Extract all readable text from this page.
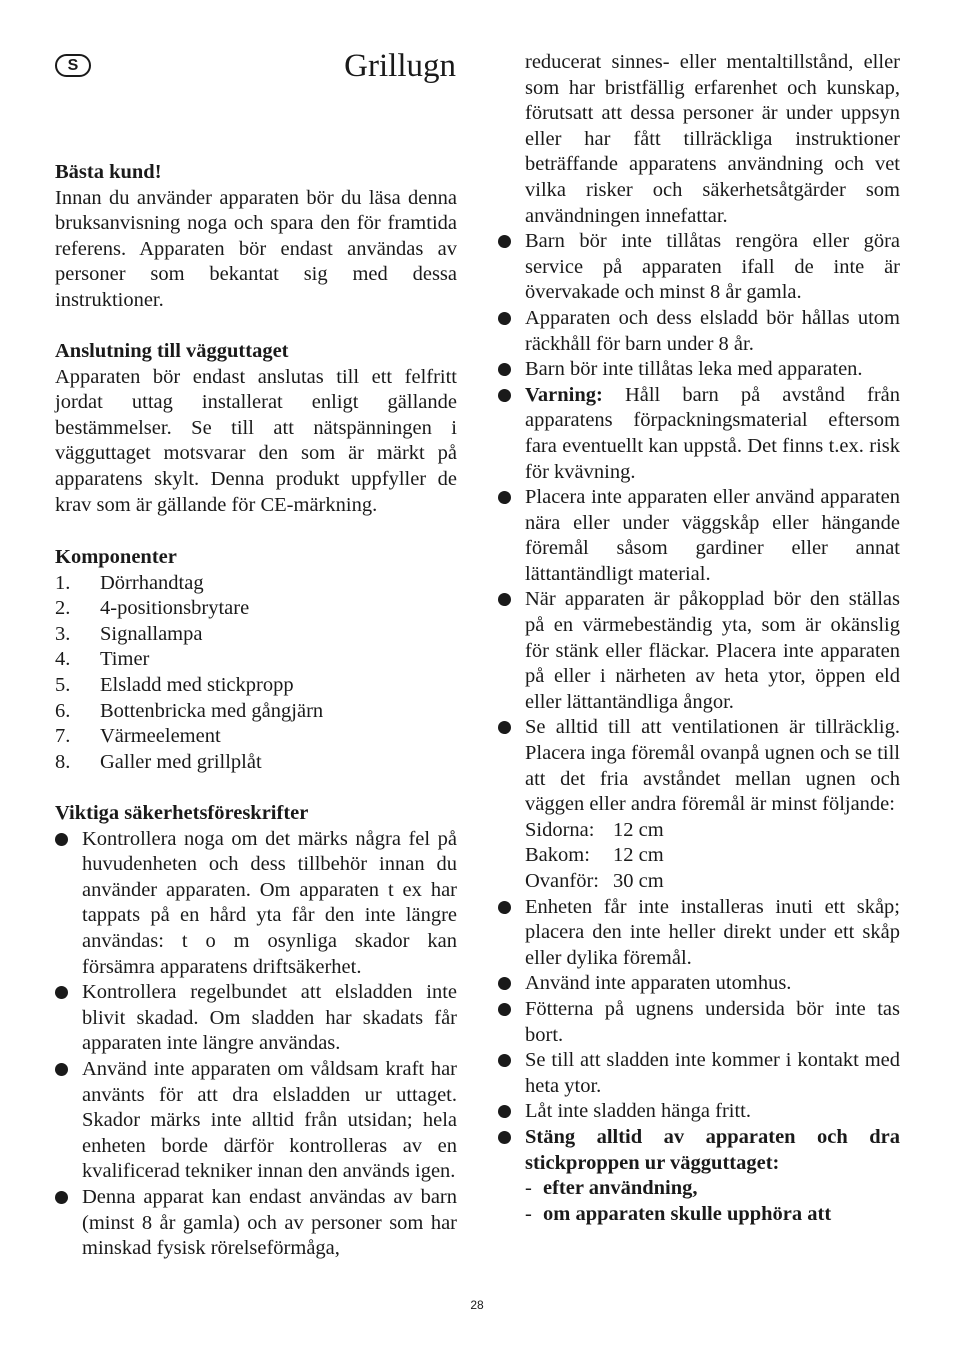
S	Grillugn

Bästa kund!

Innan du använder apparaten bör du läsa denna bruksanvisning noga och spara den för framtida referens. Apparaten bör endast användas av personer som bekantat sig med dessa instruktioner.

Anslutning till vägguttaget

Apparaten bör endast anslutas till ett felfritt jordat uttag installerat enligt gällande bestämmelser. Se till att nätspänningen i vägguttaget motsvarar den som är märkt på apparatens skylt. Denna produkt uppfyller de krav som är gällande för CE-märkning.

Komponenter

1.	Dörrhandtag
2.	4-positionsbrytare
3.	Signallampa
4.	Timer
5.	Elsladd med stickpropp
6.	Bottenbricka med gångjärn
7.	Värmeelement
8.	Galler med grillplåt

Viktiga säkerhetsföreskrifter

Kontrollera noga om det märks några fel på huvudenheten och dess tillbehör innan du använder apparaten. Om apparaten t ex har tappats på en hård yta får den inte längre användas: t o m osynliga skador kan försämra apparatens driftsäkerhet.
Kontrollera regelbundet att elsladden inte blivit skadad. Om sladden har skadats får apparaten inte längre användas.
Använd inte apparaten om våldsam kraft har använts för att dra elsladden ur uttaget. Skador märks inte alltid från utsidan; hela enheten borde därför kontrolleras av en kvalificerad tekniker innan den används igen.
Denna apparat kan endast användas av barn (minst 8 år gamla) och av personer som har minskad fysisk rörelseförmåga,
reducerat sinnes- eller mentaltillstånd, eller som har bristfällig erfarenhet och kunskap, förutsatt att dessa personer är under uppsyn eller har fått tillräckliga instruktioner beträffande apparatens användning och vet vilka risker och säkerhetsåtgärder som användningen innefattar.
Barn bör inte tillåtas rengöra eller göra service på apparaten ifall de inte är övervakade och minst 8 år gamla.
Apparaten och dess elsladd bör hållas utom räckhåll för barn under 8 år.
Barn bör inte tillåtas leka med apparaten.
Varning: Håll barn på avstånd från apparatens förpackningsmaterial eftersom fara eventuellt kan uppstå. Det finns t.ex. risk för kvävning.
Placera inte apparaten eller använd apparaten nära eller under väggskåp eller hängande föremål såsom gardiner eller annat lättantändligt material.
När apparaten är påkopplad bör den ställas på en värmebeständig yta, som är okänslig för stänk eller fläckar. Placera inte apparaten på eller i närheten av heta ytor, öppen eld eller lättantändliga ångor.
Se alltid till att ventilationen är tillräcklig. Placera inga föremål ovanpå ugnen och se till att det fria avståndet mellan ugnen och väggen eller andra föremål är minst följande:
Sidorna: 12 cm
Bakom: 12 cm
Ovanför: 30 cm
Enheten får inte installeras inuti ett skåp; placera den inte heller direkt under ett skåp eller dylika föremål.
Använd inte apparaten utomhus.
Fötterna på ugnens undersida bör inte tas bort.
Se till att sladden inte kommer i kontakt med heta ytor.
Låt inte sladden hänga fritt.
Stäng alltid av apparaten och dra stickproppen ur vägguttaget:
- efter användning,
- om apparaten skulle upphöra att
28
